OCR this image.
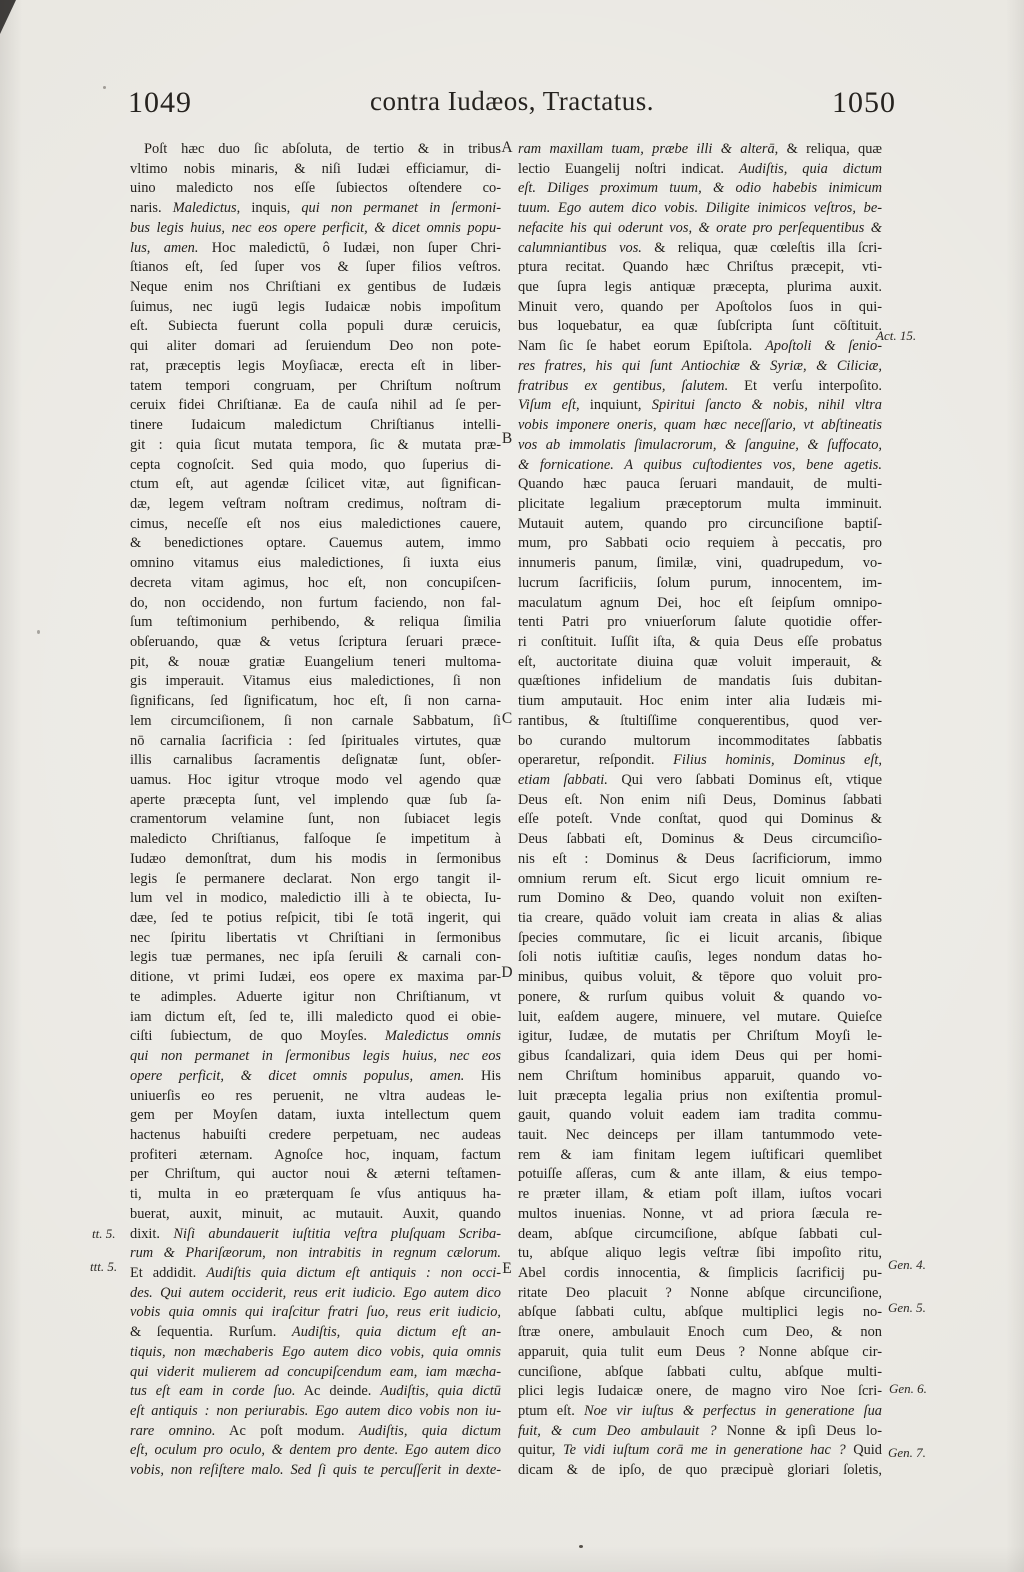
1049	contra Iudæos, Tractatus.	1050
A
B
C
D
E
tt. 5.
ttt. 5.
Act. 15.
Gen. 4.
Gen. 5.
Gen. 6.
Gen. 7.
Poſt hæc duo ſic abſoluta, de tertio & in tribus
vltimo nobis minaris, & niſi Iudæi efficiamur, di-
uino maledicto nos eſſe ſubiectos oſtendere co-
naris. Maledictus, inquis, qui non permanet in ſermoni-
bus legis huius, nec eos opere perficit, & dicet omnis popu-
lus, amen. Hoc maledictū, ô Iudæi, non ſuper Chri-
ſtianos eſt, ſed ſuper vos & ſuper filios veſtros.
Neque enim nos Chriſtiani ex gentibus de Iudæis
ſuimus, nec iugū legis Iudaicæ nobis impoſitum
eſt. Subiecta fuerunt colla populi duræ ceruicis,
qui aliter domari ad ſeruiendum Deo non pote-
rat, præceptis legis Moyſiacæ, erecta eſt in liber-
tatem tempori congruam, per Chriſtum noſtrum
ceruix fidei Chriſtianæ. Ea de cauſa nihil ad ſe per-
tinere Iudaicum maledictum Chriſtianus intelli-
git : quia ſicut mutata tempora, ſic & mutata præ-
cepta cognoſcit. Sed quia modo, quo ſuperius di-
ctum eſt, aut agendæ ſcilicet vitæ, aut ſignifican-
dæ, legem veſtram noſtram credimus, noſtram di-
cimus, neceſſe eſt nos eius maledictiones cauere,
& benedictiones optare. Cauemus autem, immo
omnino vitamus eius maledictiones, ſi iuxta eius
decreta vitam agimus, hoc eſt, non concupiſcen-
do, non occidendo, non furtum faciendo, non fal-
ſum teſtimonium perhibendo, & reliqua ſimilia
obſeruando, quæ & vetus ſcriptura ſeruari præce-
pit, & nouæ gratiæ Euangelium teneri multoma-
gis imperauit. Vitamus eius maledictiones, ſi non
ſignificans, ſed ſignificatum, hoc eſt, ſi non carna-
lem circumciſionem, ſi non carnale Sabbatum, ſi
nō carnalia ſacrificia : ſed ſpirituales virtutes, quæ
illis carnalibus ſacramentis deſignatæ ſunt, obſer-
uamus. Hoc igitur vtroque modo vel agendo quæ
aperte præcepta ſunt, vel implendo quæ ſub ſa-
cramentorum velamine ſunt, non ſubiacet legis
maledicto Chriſtianus, falſoque ſe impetitum à
Iudæo demonſtrat, dum his modis in ſermonibus
legis ſe permanere declarat. Non ergo tangit il-
lum vel in modico, maledictio illi à te obiecta, Iu-
dæe, ſed te potius reſpicit, tibi ſe totā ingerit, qui
nec ſpiritu libertatis vt Chriſtiani in ſermonibus
legis tuæ permanes, nec ipſa ſeruili & carnali con-
ditione, vt primi Iudæi, eos opere ex maxima par-
te adimples. Aduerte igitur non Chriſtianum, vt
iam dictum eſt, ſed te, illi maledicto quod ei obie-
ciſti ſubiectum, de quo Moyſes. Maledictus omnis
qui non permanet in ſermonibus legis huius, nec eos
opere perficit, & dicet omnis populus, amen. His
uniuerſis eo res peruenit, ne vltra audeas le-
gem per Moyſen datam, iuxta intellectum quem
hactenus habuiſti credere perpetuam, nec audeas
profiteri æternam. Agnoſce hoc, inquam, factum
per Chriſtum, qui auctor noui & æterni teſtamen-
ti, multa in eo præterquam ſe vſus antiquus ha-
buerat, auxit, minuit, ac mutauit. Auxit, quando
dixit. Niſi abundauerit iuſtitia veſtra pluſquam Scriba-
rum & Phariſæorum, non intrabitis in regnum cælorum.
Et addidit. Audiſtis quia dictum eſt antiquis : non occi-
des. Qui autem occiderit, reus erit iudicio. Ego autem dico
vobis quia omnis qui iraſcitur fratri ſuo, reus erit iudicio,
& ſequentia. Rurſum. Audiſtis, quia dictum eſt an-
tiquis, non mæchaberis Ego autem dico vobis, quia omnis
qui viderit mulierem ad concupiſcendum eam, iam mæcha-
tus eſt eam in corde ſuo. Ac deinde. Audiſtis, quia dictū
eſt antiquis : non periurabis. Ego autem dico vobis non iu-
rare omnino. Ac poſt modum. Audiſtis, quia dictum
eſt, oculum pro oculo, & dentem pro dente. Ego autem dico
vobis, non reſiſtere malo. Sed ſi quis te percuſſerit in dexte-
ram maxillam tuam, præbe illi & alterā, & reliqua, quæ
lectio Euangelij noſtri indicat. Audiſtis, quia dictum
eſt. Diliges proximum tuum, & odio habebis inimicum
tuum. Ego autem dico vobis. Diligite inimicos veſtros, be-
nefacite his qui oderunt vos, & orate pro perſequentibus &
calumniantibus vos. & reliqua, quæ cœleſtis illa ſcri-
ptura recitat. Quando hæc Chriſtus præcepit, vti-
que ſupra legis antiquæ præcepta, plurima auxit.
Minuit vero, quando per Apoſtolos ſuos in qui-
bus loquebatur, ea quæ ſubſcripta ſunt cōſtituit.
Nam ſic ſe habet eorum Epiſtola. Apoſtoli & ſenio-
res fratres, his qui ſunt Antiochiæ & Syriæ, & Ciliciæ,
fratribus ex gentibus, ſalutem. Et verſu interpoſito.
Viſum eſt, inquiunt, Spiritui ſancto & nobis, nihil vltra
vobis imponere oneris, quam hæc neceſſario, vt abſtineatis
vos ab immolatis ſimulacrorum, & ſanguine, & ſuffocato,
& fornicatione. A quibus cuſtodientes vos, bene agetis.
Quando hæc pauca ſeruari mandauit, de multi-
plicitate legalium præceptorum multa imminuit.
Mutauit autem, quando pro circunciſione baptiſ-
mum, pro Sabbati ocio requiem à peccatis, pro
innumeris panum, ſimilæ, vini, quadrupedum, vo-
lucrum ſacrificiis, ſolum purum, innocentem, im-
maculatum agnum Dei, hoc eſt ſeipſum omnipo-
tenti Patri pro vniuerſorum ſalute quotidie offer-
ri conſtituit. Iuſſit iſta, & quia Deus eſſe probatus
eſt, auctoritate diuina quæ voluit imperauit, &
quæſtiones infidelium de mandatis ſuis dubitan-
tium amputauit. Hoc enim inter alia Iudæis mi-
rantibus, & ſtultiſſime conquerentibus, quod ver-
bo curando multorum incommoditates ſabbatis
operaretur, reſpondit. Filius hominis, Dominus eſt,
etiam ſabbati. Qui vero ſabbati Dominus eſt, vtique
Deus eſt. Non enim niſi Deus, Dominus ſabbati
eſſe poteſt. Vnde conſtat, quod qui Dominus &
Deus ſabbati eſt, Dominus & Deus circumciſio-
nis eſt : Dominus & Deus ſacrificiorum, immo
omnium rerum eſt. Sicut ergo licuit omnium re-
rum Domino & Deo, quando voluit non exiſten-
tia creare, quādo voluit iam creata in alias & alias
ſpecies commutare, ſic ei licuit arcanis, ſibique
ſoli notis iuſtitiæ cauſis, leges nondum datas ho-
minibus, quibus voluit, & tēpore quo voluit pro-
ponere, & rurſum quibus voluit & quando vo-
luit, eaſdem augere, minuere, vel mutare. Quieſce
igitur, Iudæe, de mutatis per Chriſtum Moyſi le-
gibus ſcandalizari, quia idem Deus qui per homi-
nem Chriſtum hominibus apparuit, quando vo-
luit præcepta legalia prius non exiſtentia promul-
gauit, quando voluit eadem iam tradita commu-
tauit. Nec deinceps per illam tantummodo vete-
rem & iam finitam legem iuſtificari quemlibet
potuiſſe aſſeras, cum & ante illam, & eius tempo-
re præter illam, & etiam poſt illam, iuſtos vocari
multos inuenias. Nonne, vt ad priora ſæcula re-
deam, abſque circumciſione, abſque ſabbati cul-
tu, abſque aliquo legis veſtræ ſibi impoſito ritu,
Abel cordis innocentia, & ſimplicis ſacrificij pu-
ritate Deo placuit ? Nonne abſque circunciſione,
abſque ſabbati cultu, abſque multiplici legis no-
ſtræ onere, ambulauit Enoch cum Deo, & non
apparuit, quia tulit eum Deus ? Nonne abſque cir-
cunciſione, abſque ſabbati cultu, abſque multi-
plici legis Iudaicæ onere, de magno viro Noe ſcri-
ptum eſt. Noe vir iuſtus & perfectus in generatione ſua
fuit, & cum Deo ambulauit ? Nonne & ipſi Deus lo-
quitur, Te vidi iuſtum corā me in generatione hac ? Quid
dicam & de ipſo, de quo præcipuè gloriari ſoletis,
